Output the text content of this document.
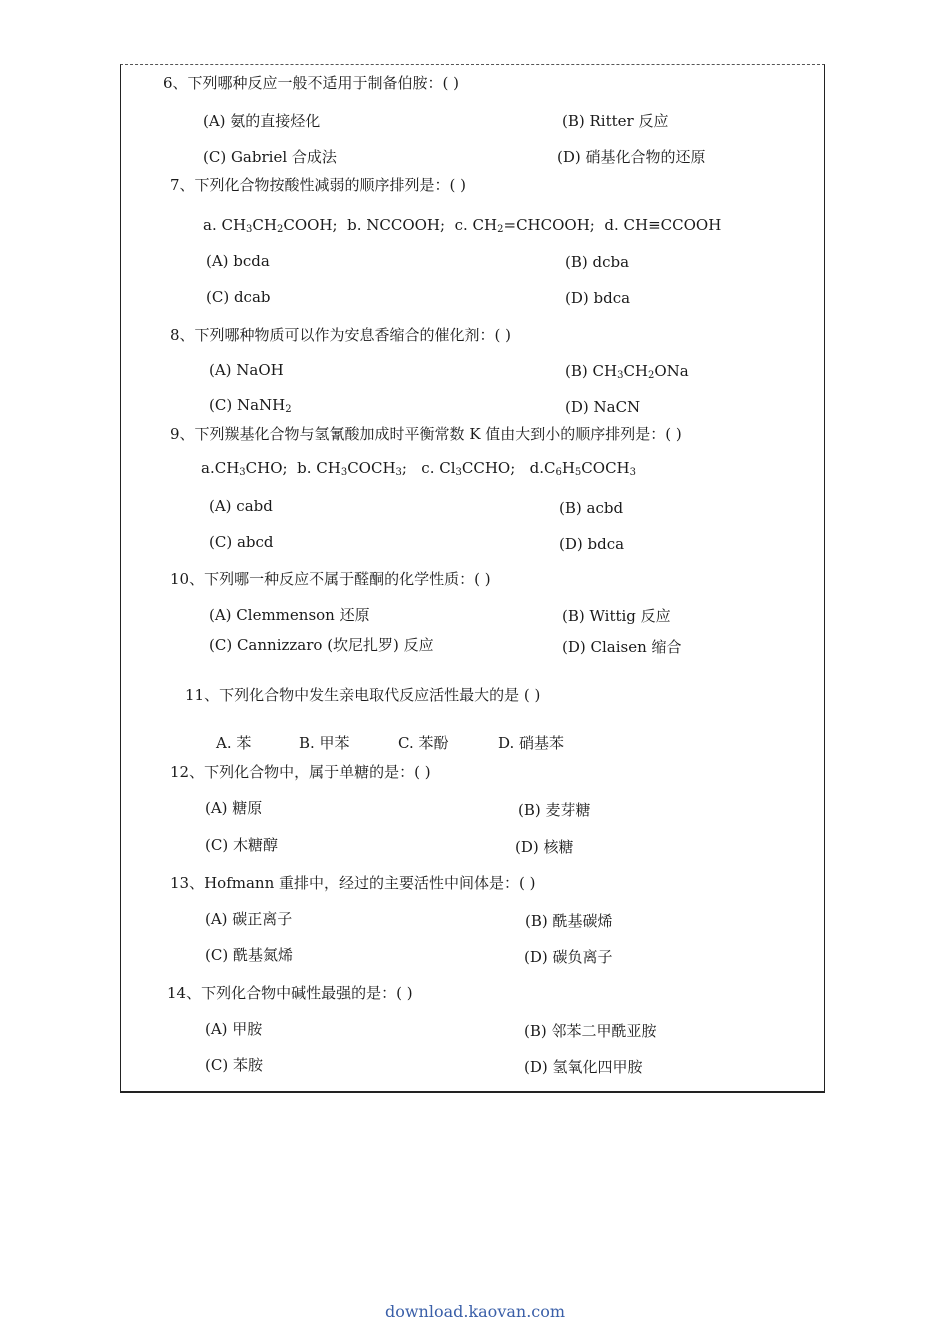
6、下列哪种反应一般不适用于制备伯胺：( )
(A) 氨的直接烃化	(B) Ritter 反应
(C) Gabriel 合成法	(D) 硝基化合物的还原
7、下列化合物按酸性减弱的顺序排列是：( )
a. $CH_3CH_2COOH$; b. NCCOOH; c. $CH_2=CHCOOH$; d. CH≡CCOOH
(A) bcda	(B) dcba
(C) dcab	(D) bdca
8、下列哪种物质可以作为安息香缩合的催化剂：( )
(A) NaOH	(B) $CH_3CH_2ONa$
(C) NaNH$_2$	(D) NaCN
9、下列羰基化合物与氢氰酸加成时平衡常数 K 值由大到小的顺序排列是：( )
$a.CH_3CHO$; b. $CH_3COCH_3$; c. $Cl_3CCHO$; $d.C_6H_5COCH_3$
(A) cabd	(B) acbd
(C) abcd	(D) bdca
10、下列哪一种反应不属于醛酮的化学性质：( )
(A) Clemmenson 还原	(B) Wittig 反应
(C) Cannizzaro (坎尼扎罗) 反应	(D) Claisen 缩合
11、下列化合物中发生亲电取代反应活性最大的是 ( )
A. 苯	B. 甲苯	C. 苯酚	D. 硝基苯
12、下列化合物中，属于单糖的是：( )
(A) 糖原	(B) 麦芽糖
(C) 木糖醇	(D) 核糖
13、Hofmann 重排中，经过的主要活性中间体是：( )
(A) 碳正离子	(B) 酰基碳烯
(C) 酰基氮烯	(D) 碳负离子
14、下列化合物中碱性最强的是：( )
(A) 甲胺	(B) 邻苯二甲酰亚胺
(C) 苯胺	(D) 氢氧化四甲胺
download.kaovan.com
